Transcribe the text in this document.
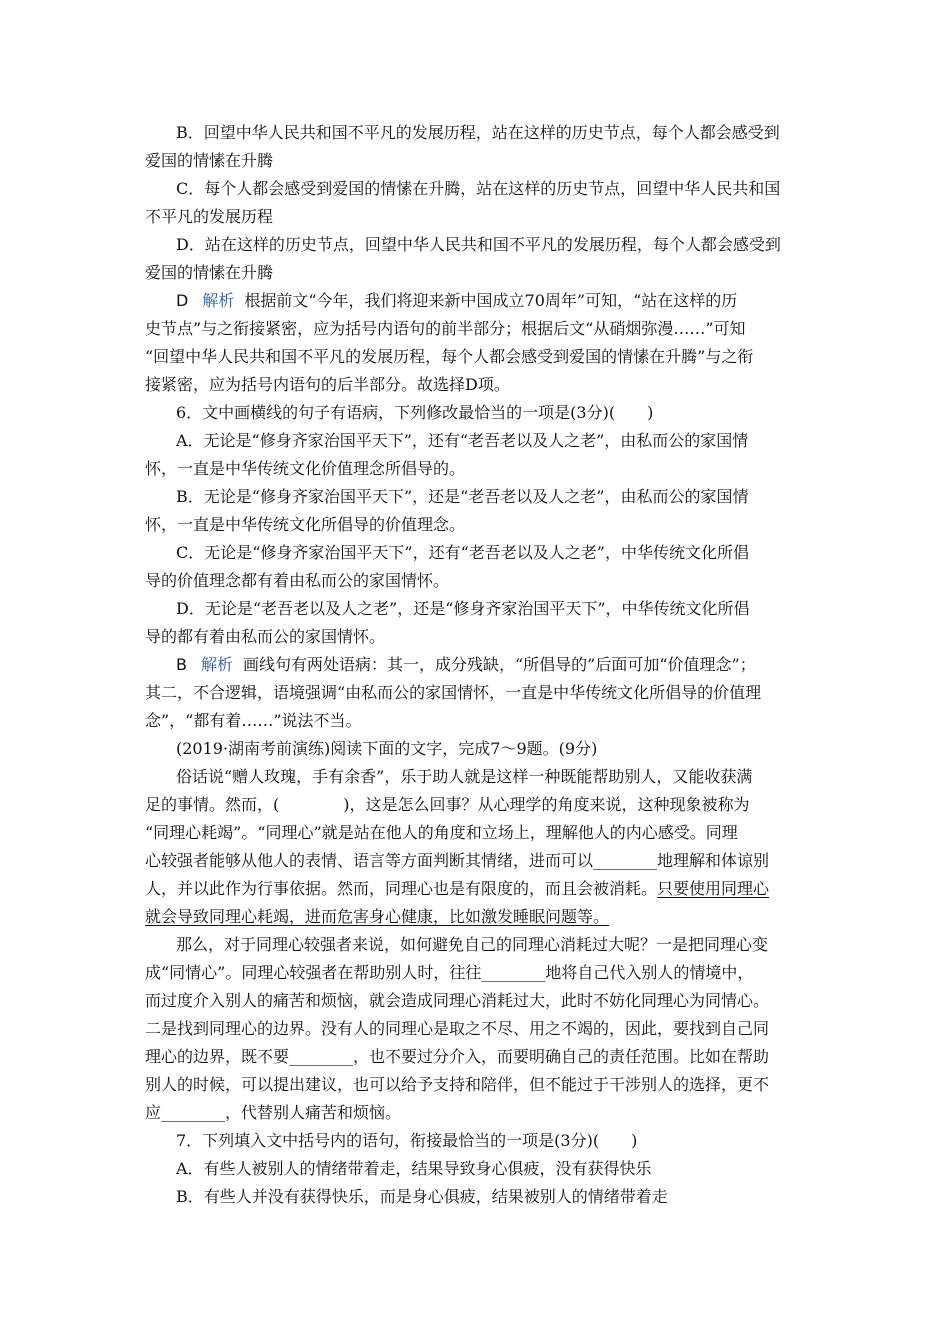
B．回望中华人民共和国不平凡的发展历程，站在这样的历史节点，每个人都会感受到
爱国的情愫在升腾
C．每个人都会感受到爱国的情愫在升腾，站在这样的历史节点，回望中华人民共和国
不平凡的发展历程
D．站在这样的历史节点，回望中华人民共和国不平凡的发展历程，每个人都会感受到
爱国的情愫在升腾
D 解析 根据前文“今年，我们将迎来新中国成立70周年”可知，“站在这样的历
史节点”与之衔接紧密，应为括号内语句的前半部分；根据后文“从硝烟弥漫……”可知
“回望中华人民共和国不平凡的发展历程，每个人都会感受到爱国的情愫在升腾”与之衔
接紧密，应为括号内语句的后半部分。故选择D项。
6．文中画横线的句子有语病，下列修改最恰当的一项是(3分)(　　)
A．无论是“修身齐家治国平天下”，还有“老吾老以及人之老”，由私而公的家国情
怀，一直是中华传统文化价值理念所倡导的。
B．无论是“修身齐家治国平天下”，还是“老吾老以及人之老”，由私而公的家国情
怀，一直是中华传统文化所倡导的价值理念。
C．无论是“修身齐家治国平天下”，还有“老吾老以及人之老”，中华传统文化所倡
导的价值理念都有着由私而公的家国情怀。
D．无论是“老吾老以及人之老”，还是“修身齐家治国平天下”，中华传统文化所倡
导的都有着由私而公的家国情怀。
B 解析 画线句有两处语病：其一，成分残缺，“所倡导的”后面可加“价值理念”；
其二，不合逻辑，语境强调“由私而公的家国情怀，一直是中华传统文化所倡导的价值理
念”，“都有着……”说法不当。
(2019·湖南考前演练)阅读下面的文字，完成7～9题。(9分)
俗话说“赠人玫瑰，手有余香”，乐于助人就是这样一种既能帮助别人，又能收获满
足的事情。然而，(　　　　)，这是怎么回事？从心理学的角度来说，这种现象被称为
“同理心耗竭”。“同理心”就是站在他人的角度和立场上，理解他人的内心感受。同理
心较强者能够从他人的表情、语言等方面判断其情绪，进而可以________地理解和体谅别
人，并以此作为行事依据。然而，同理心也是有限度的，而且会被消耗。只要使用同理心
就会导致同理心耗竭，进而危害身心健康，比如激发睡眠问题等。
那么，对于同理心较强者来说，如何避免自己的同理心消耗过大呢？一是把同理心变
成“同情心”。同理心较强者在帮助别人时，往往________地将自己代入别人的情境中，
而过度介入别人的痛苦和烦恼，就会造成同理心消耗过大，此时不妨化同理心为同情心。
二是找到同理心的边界。没有人的同理心是取之不尽、用之不竭的，因此，要找到自己同
理心的边界，既不要________，也不要过分介入，而要明确自己的责任范围。比如在帮助
别人的时候，可以提出建议，也可以给予支持和陪伴，但不能过于干涉别人的选择，更不
应________，代替别人痛苦和烦恼。
7．下列填入文中括号内的语句，衔接最恰当的一项是(3分)(　　)
A．有些人被别人的情绪带着走，结果导致身心俱疲，没有获得快乐
B．有些人并没有获得快乐，而是身心俱疲，结果被别人的情绪带着走
